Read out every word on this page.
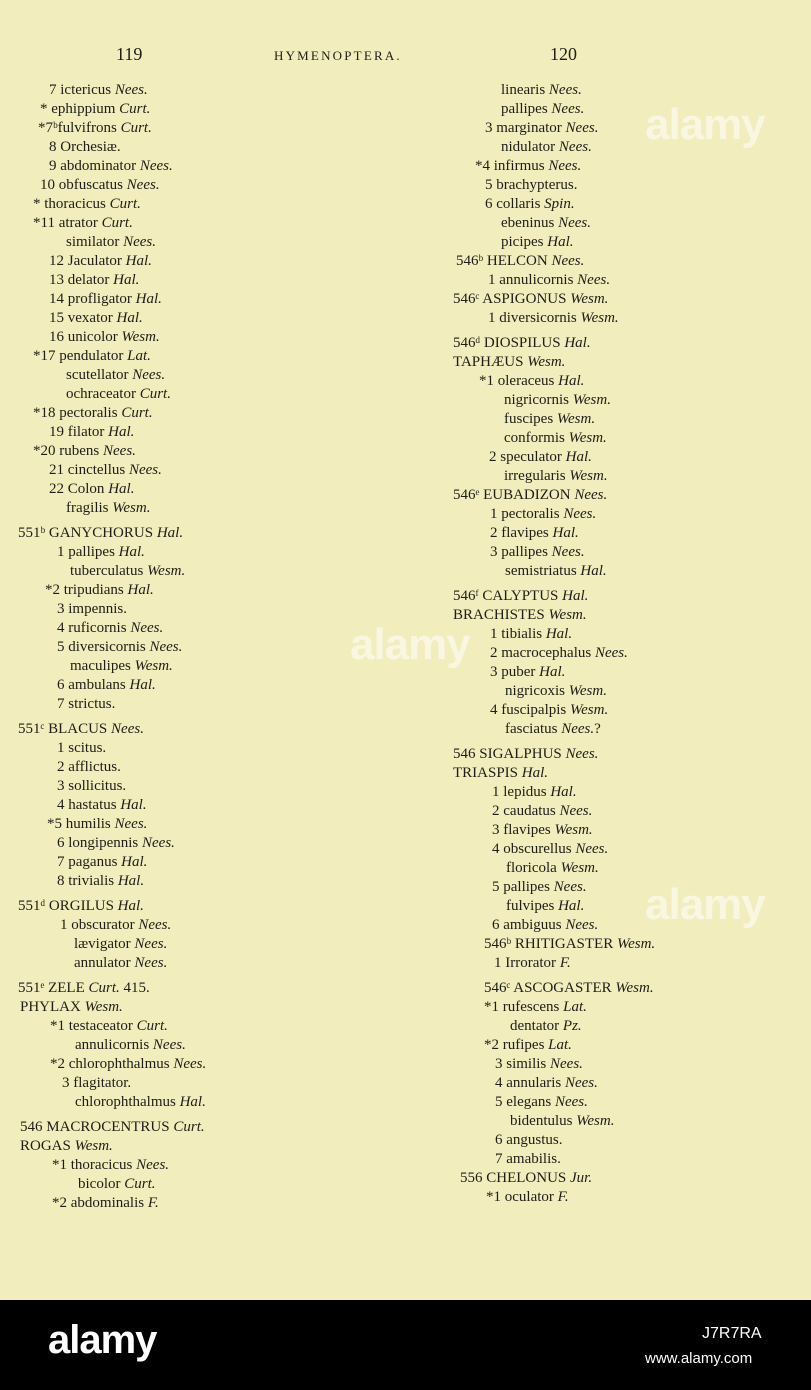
119	HYMENOPTERA.	120
7 ictericus Nees.
* ephippium Curt.
*7ᵇfulvifrons Curt.
8 Orchesiæ.
9 abdominator Nees.
10 obfuscatus Nees.
* thoracicus Curt.
*11 atrator Curt.
similator Nees.
12 Jaculator Hal.
13 delator Hal.
14 profligator Hal.
15 vexator Hal.
16 unicolor Wesm.
*17 pendulator Lat.
scutellator Nees.
ochraceator Curt.
*18 pectoralis Curt.
19 filator Hal.
*20 rubens Nees.
21 cinctellus Nees.
22 Colon Hal.
fragilis Wesm.
551ᵇ GANYCHORUS Hal.
1 pallipes Hal.
tuberculatus Wesm.
*2 tripudians Hal.
3 impennis.
4 ruficornis Nees.
5 diversicornis Nees.
maculipes Wesm.
6 ambulans Hal.
7 strictus.
551ᶜ BLACUS Nees.
1 scitus.
2 afflictus.
3 sollicitus.
4 hastatus Hal.
*5 humilis Nees.
6 longipennis Nees.
7 paganus Hal.
8 trivialis Hal.
551ᵈ ORGILUS Hal.
1 obscurator Nees.
lævigator Nees.
annulator Nees.
551ᵉ ZELE Curt. 415.
PHYLAX Wesm.
*1 testaceator Curt.
annulicornis Nees.
*2 chlorophthalmus Nees.
3 flagitator.
chlorophthalmus Hal.
546 MACROCENTRUS Curt.
ROGAS Wesm.
*1 thoracicus Nees.
bicolor Curt.
*2 abdominalis F.
linearis Nees.
pallipes Nees.
3 marginator Nees.
nidulator Nees.
*4 infirmus Nees.
5 brachypterus.
6 collaris Spin.
ebeninus Nees.
picipes Hal.
546ᵇ HELCON Nees.
1 annulicornis Nees.
546ᶜ ASPIGONUS Wesm.
1 diversicornis Wesm.
546ᵈ DIOSPILUS Hal.
TAPHÆUS Wesm.
*1 oleraceus Hal.
nigricornis Wesm.
fuscipes Wesm.
conformis Wesm.
2 speculator Hal.
irregularis Wesm.
546ᵉ EUBADIZON Nees.
1 pectoralis Nees.
2 flavipes Hal.
3 pallipes Nees.
semistriatus Hal.
546ᶠ CALYPTUS Hal.
BRACHISTES Wesm.
1 tibialis Hal.
2 macrocephalus Nees.
3 puber Hal.
nigricoxis Wesm.
4 fuscipalpis Wesm.
fasciatus Nees.?
546 SIGALPHUS Nees.
TRIASPIS Hal.
1 lepidus Hal.
2 caudatus Nees.
3 flavipes Wesm.
4 obscurellus Nees.
floricola Wesm.
5 pallipes Nees.
fulvipes Hal.
6 ambiguus Nees.
546ᵇ RHITIGASTER Wesm.
1 Irrorator F.
546ᶜ ASCOGASTER Wesm.
*1 rufescens Lat.
dentator Pz.
*2 rufipes Lat.
3 similis Nees.
4 annularis Nees.
5 elegans Nees.
bidentulus Wesm.
6 angustus.
7 amabilis.
556 CHELONUS Jur.
*1 oculator F.
alamy
alamy
alamy
alamy	J7R7RA
www.alamy.com
